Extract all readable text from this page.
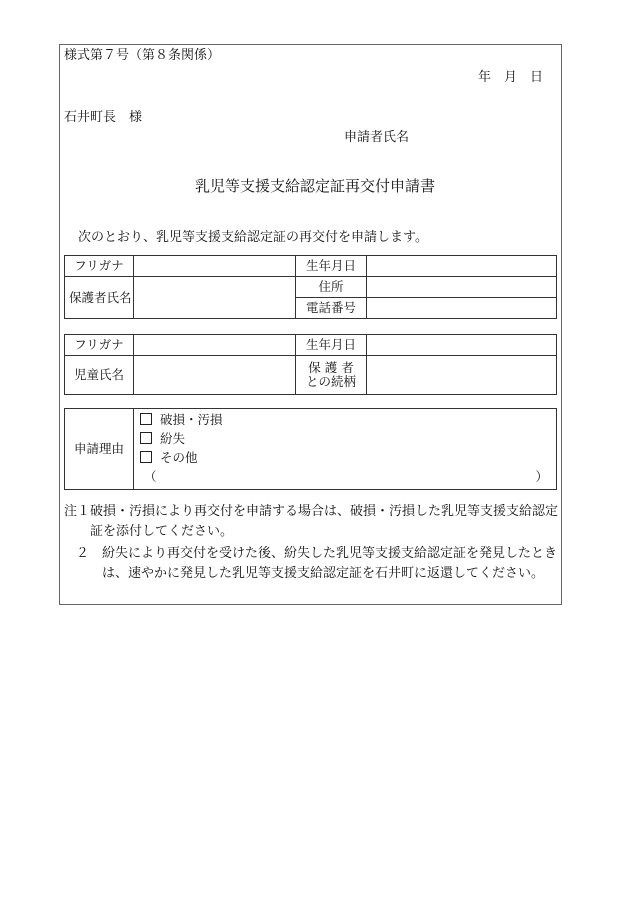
様式第７号（第８条関係）
年　月　日
石井町長　様
申請者氏名
乳児等支援支給認定証再交付申請書
次のとおり、乳児等支援支給認定証の再交付を申請します。
フリガナ		生年月日	
保護者氏名		住所	
		電話番号	
フリガナ		生年月日	
児童氏名		保 護 者
との続柄	

申請理由	
破損・汚損
紛失
その他
（	）
注１ 破損・汚損により再交付を申請する場合は、破損・汚損した乳児等支援支給認定証を添付してください。
２ 紛失により再交付を受けた後、紛失した乳児等支援支給認定証を発見したときは、速やかに発見した乳児等支援支給認定証を石井町に返還してください。
